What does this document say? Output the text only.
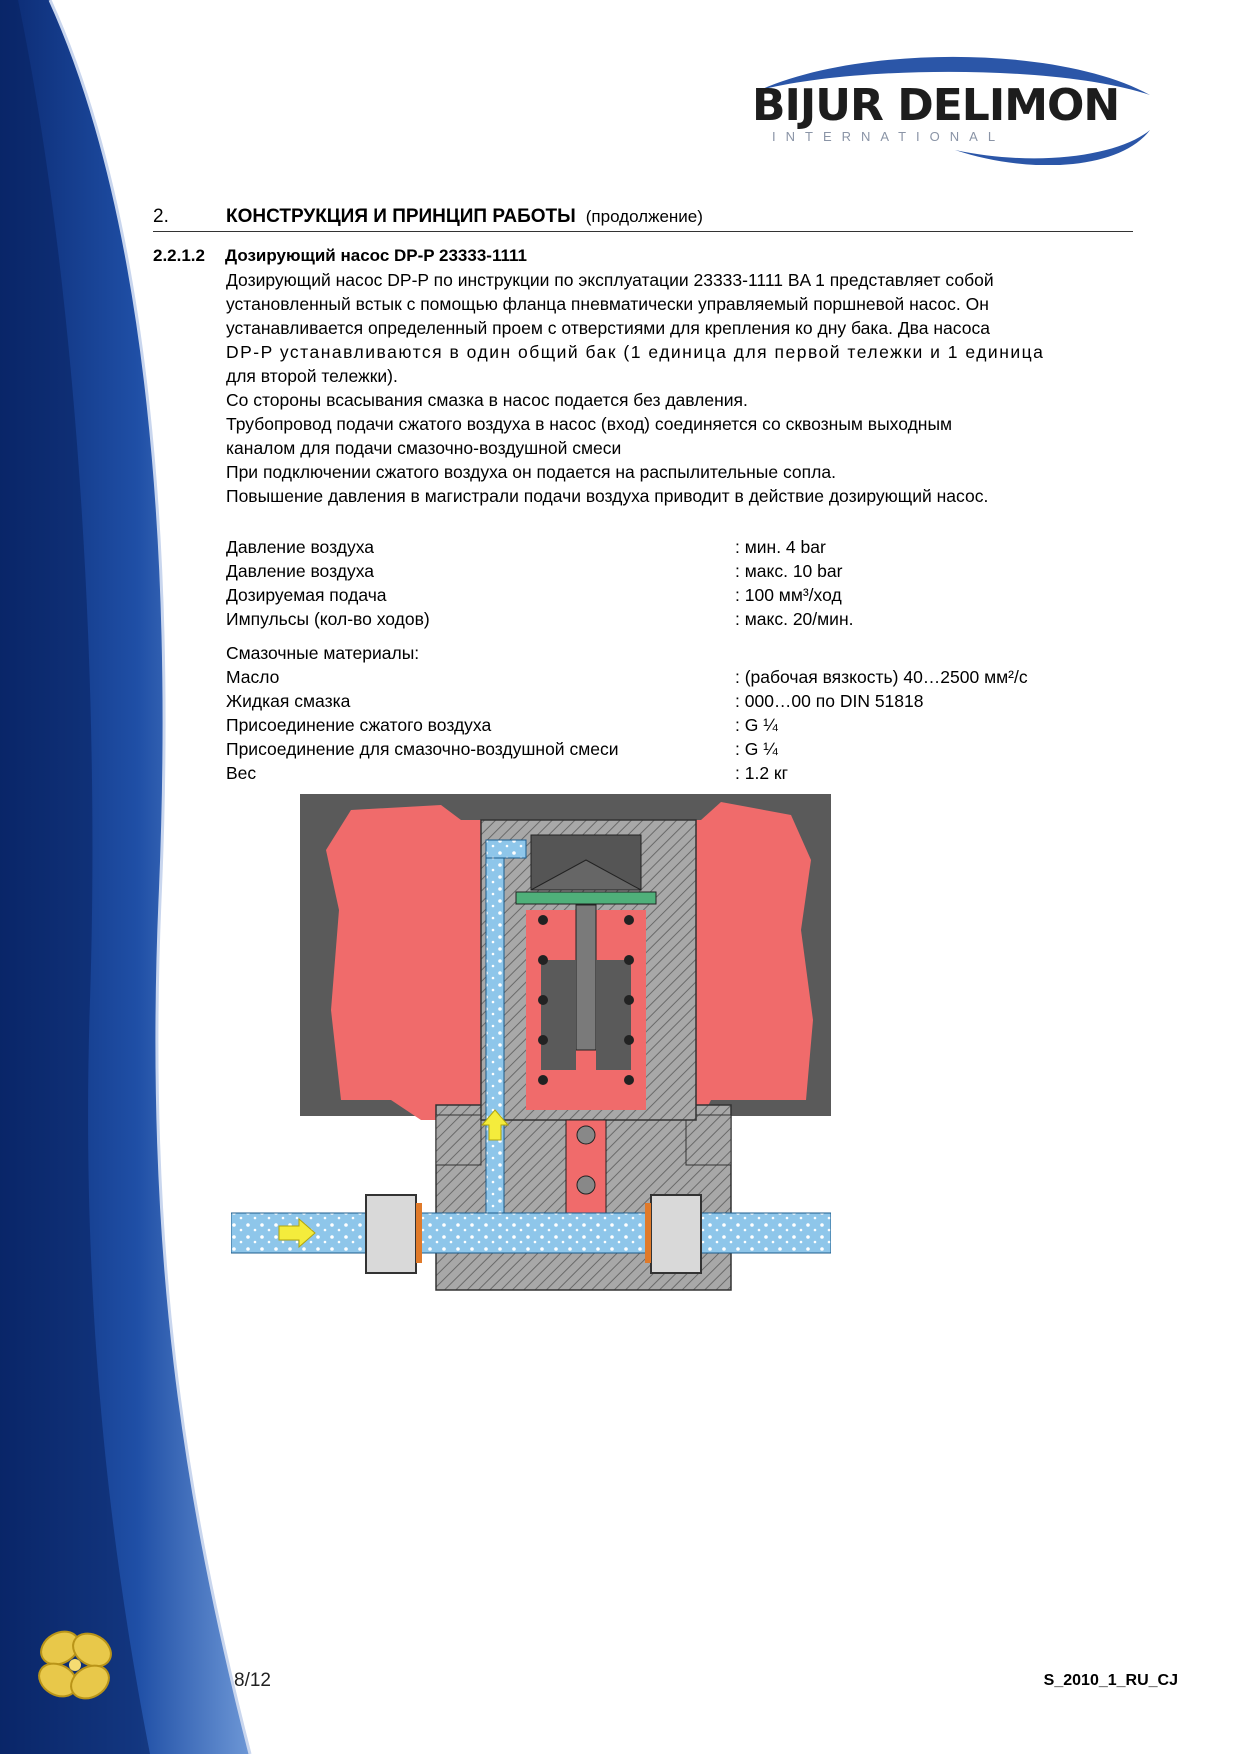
BIJUR DELIMON
INTERNATIONAL
2.	КОНСТРУКЦИЯ И ПРИНЦИП РАБОТЫ (продолжение)
2.2.1.2 Дозирующий насос DP-P 23333-1111

Дозирующий насос DP-P по инструкции по эксплуатации 23333-1111 BA 1 представляет собой

установленный встык с помощью фланца пневматически управляемый поршневой насос. Он

устанавливается определенный проем с отверстиями для крепления ко дну бака. Два насоса

DP-P устанавливаются в один общий бак (1 единица для первой тележки и 1 единица

для второй тележки).

Со стороны всасывания смазка в насос подается без давления.

Трубопровод подачи сжатого воздуха в насос (вход) соединяется со сквозным выходным

каналом для подачи смазочно-воздушной смеси

При подключении сжатого воздуха он подается на распылительные сопла.

Повышение давления в магистрали подачи воздуха приводит в действие дозирующий насос.

Давление воздуха	: мин. 4 bar
Давление воздуха	: макс. 10 bar
Дозируемая подача	: 100 мм³/ход
Импульсы (кол-во ходов)	: макс. 20/мин.
Смазочные материалы:
Масло	: (рабочая вязкость) 40…2500 мм²/с
Жидкая смазка	: 000…00 по DIN 51818
Присоединение сжатого воздуха	: G ¼
Присоединение для смазочно-воздушной смеси	: G ¼
Вес	: 1.2 кг
8/12	S_2010_1_RU_CJ
